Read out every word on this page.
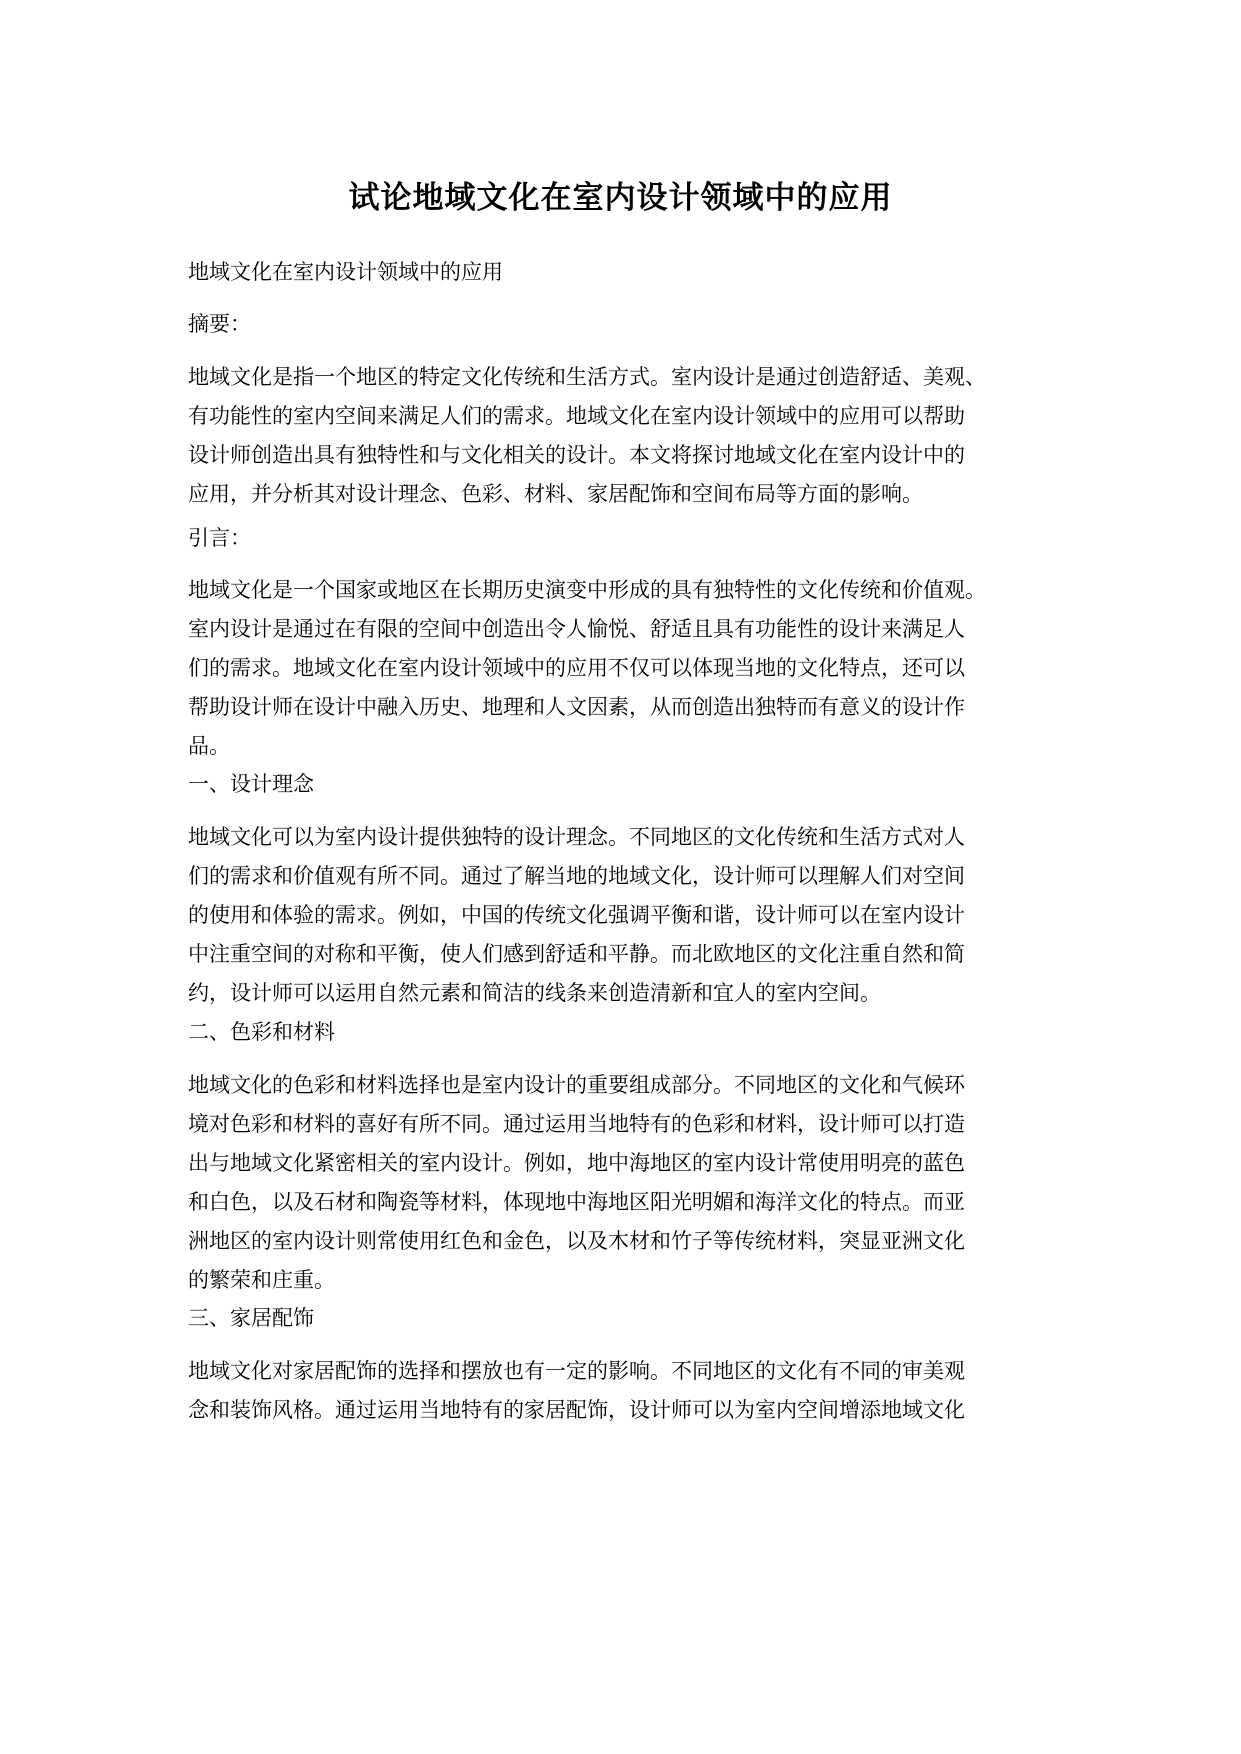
试论地域文化在室内设计领域中的应用
地域文化在室内设计领域中的应用
摘要：
地域文化是指一个地区的特定文化传统和生活方式。室内设计是通过创造舒适、美观、
有功能性的室内空间来满足人们的需求。地域文化在室内设计领域中的应用可以帮助
设计师创造出具有独特性和与文化相关的设计。本文将探讨地域文化在室内设计中的
应用，并分析其对设计理念、色彩、材料、家居配饰和空间布局等方面的影响。
引言：
地域文化是一个国家或地区在长期历史演变中形成的具有独特性的文化传统和价值观。
室内设计是通过在有限的空间中创造出令人愉悦、舒适且具有功能性的设计来满足人
们的需求。地域文化在室内设计领域中的应用不仅可以体现当地的文化特点，还可以
帮助设计师在设计中融入历史、地理和人文因素，从而创造出独特而有意义的设计作
品。
一、设计理念
地域文化可以为室内设计提供独特的设计理念。不同地区的文化传统和生活方式对人
们的需求和价值观有所不同。通过了解当地的地域文化，设计师可以理解人们对空间
的使用和体验的需求。例如，中国的传统文化强调平衡和谐，设计师可以在室内设计
中注重空间的对称和平衡，使人们感到舒适和平静。而北欧地区的文化注重自然和简
约，设计师可以运用自然元素和简洁的线条来创造清新和宜人的室内空间。
二、色彩和材料
地域文化的色彩和材料选择也是室内设计的重要组成部分。不同地区的文化和气候环
境对色彩和材料的喜好有所不同。通过运用当地特有的色彩和材料，设计师可以打造
出与地域文化紧密相关的室内设计。例如，地中海地区的室内设计常使用明亮的蓝色
和白色，以及石材和陶瓷等材料，体现地中海地区阳光明媚和海洋文化的特点。而亚
洲地区的室内设计则常使用红色和金色，以及木材和竹子等传统材料，突显亚洲文化
的繁荣和庄重。
三、家居配饰
地域文化对家居配饰的选择和摆放也有一定的影响。不同地区的文化有不同的审美观
念和装饰风格。通过运用当地特有的家居配饰，设计师可以为室内空间增添地域文化
